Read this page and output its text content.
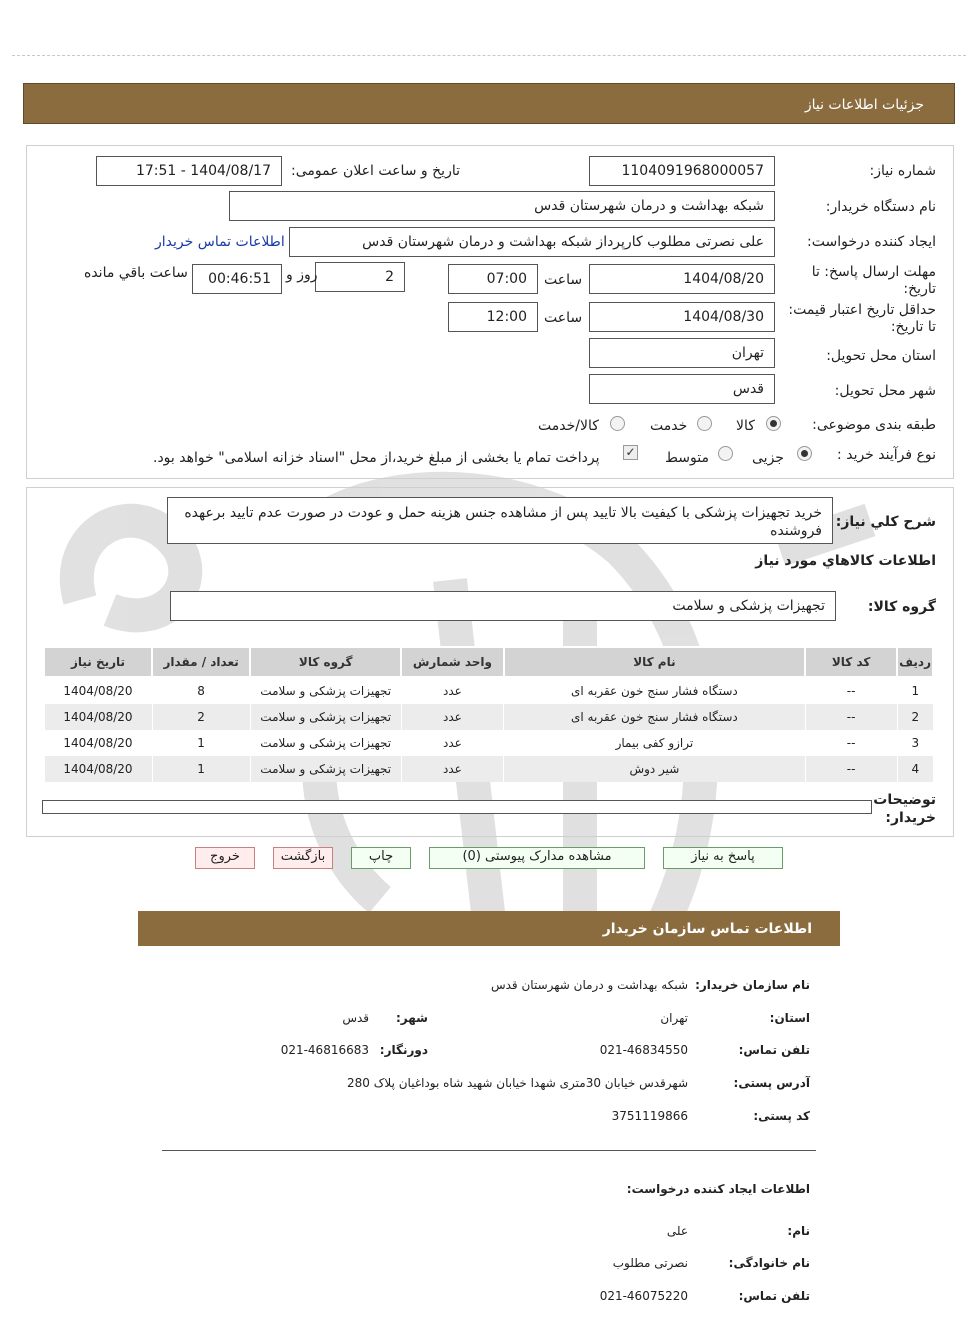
جزئیات اطلاعات نیاز
شماره نیاز:
1104091968000057
تاریخ و ساعت اعلان عمومی:
1404/08/17 - 17:51
نام دستگاه خریدار:
شبکه بهداشت و درمان شهرستان قدس
ایجاد کننده درخواست:
علی نصرتی مطلوب کارپرداز شبکه بهداشت و درمان شهرستان قدس
اطلاعات تماس خریدار
مهلت ارسال پاسخ: تا تاریخ:
1404/08/20
ساعت
07:00
2
روز و
00:46:51
ساعت باقي مانده
حداقل تاریخ اعتبار قیمت: تا تاریخ:
1404/08/30
ساعت
12:00
استان محل تحویل:
تهران
شهر محل تحویل:
قدس
طبقه بندی موضوعی:
کالا
خدمت
کالا/خدمت
نوع فرآیند خرید :
جزیی
متوسط
✓
پرداخت تمام یا بخشی از مبلغ خرید،از محل "اسناد خزانه اسلامی" خواهد بود.
شرح کلي نياز:
خرید تجهیزات پزشکی با کیفیت بالا تایید پس از مشاهده جنس هزینه حمل و عودت در صورت عدم تایید برعهده فروشنده
اطلاعات کالاهاي مورد نياز
گروه کالا:
تجهیزات پزشکی و سلامت
رديف	کد کالا	نام کالا	واحد شمارش	گروه کالا	تعداد / مقدار	تاريخ نياز
1	--	دستگاه فشار سنج خون عقربه ای	عدد	تجهیزات پزشکی و سلامت	8	1404/08/20
2	--	دستگاه فشار سنج خون عقربه ای	عدد	تجهیزات پزشکی و سلامت	2	1404/08/20
3	--	ترازو کفی بیمار	عدد	تجهیزات پزشکی و سلامت	1	1404/08/20
4	--	شیر دوش	عدد	تجهیزات پزشکی و سلامت	1	1404/08/20
توضيحات خريدار:
پاسخ به نیاز
مشاهده مدارک پیوستی (0)
چاپ
بازگشت
خروج
اطلاعات تماس سازمان خریدار
نام سازمان خریدار:
شبکه بهداشت و درمان شهرستان قدس
استان:
تهران
شهر:
قدس
تلفن تماس:
021-46834550
دورنگار:
021-46816683
آدرس پستی:
شهرقدس خیابان 30متری شهدا خیابان شهید شاه بوداغیان پلاک 280
کد پستی:
3751119866
اطلاعات ایجاد کننده درخواست:
نام:
علی
نام خانوادگی:
نصرتی مطلوب
تلفن تماس:
021-46075220
